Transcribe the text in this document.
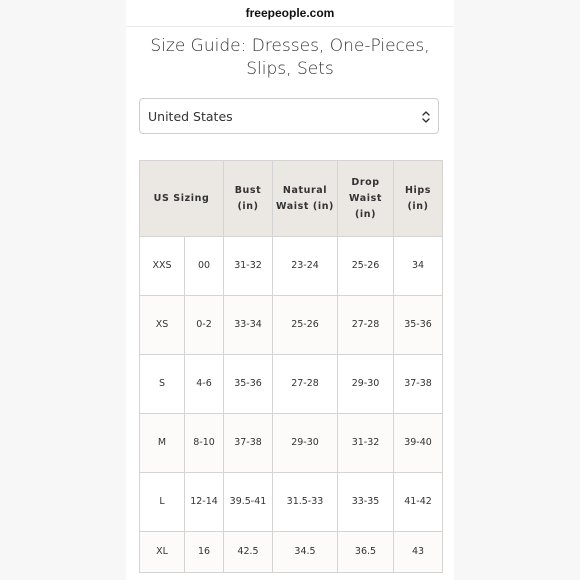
freepeople.com
Size Guide: Dresses, One-Pieces, Slips, Sets
United States
US Sizing		Bust (in)	Natural Waist (in)	Drop Waist (in)	Hips (in)
XXS	00	31-32	23-24	25-26	34
XS	0-2	33-34	25-26	27-28	35-36
S	4-6	35-36	27-28	29-30	37-38
M	8-10	37-38	29-30	31-32	39-40
L	12-14	39.5-41	31.5-33	33-35	41-42
XL	16	42.5	34.5	36.5	43
